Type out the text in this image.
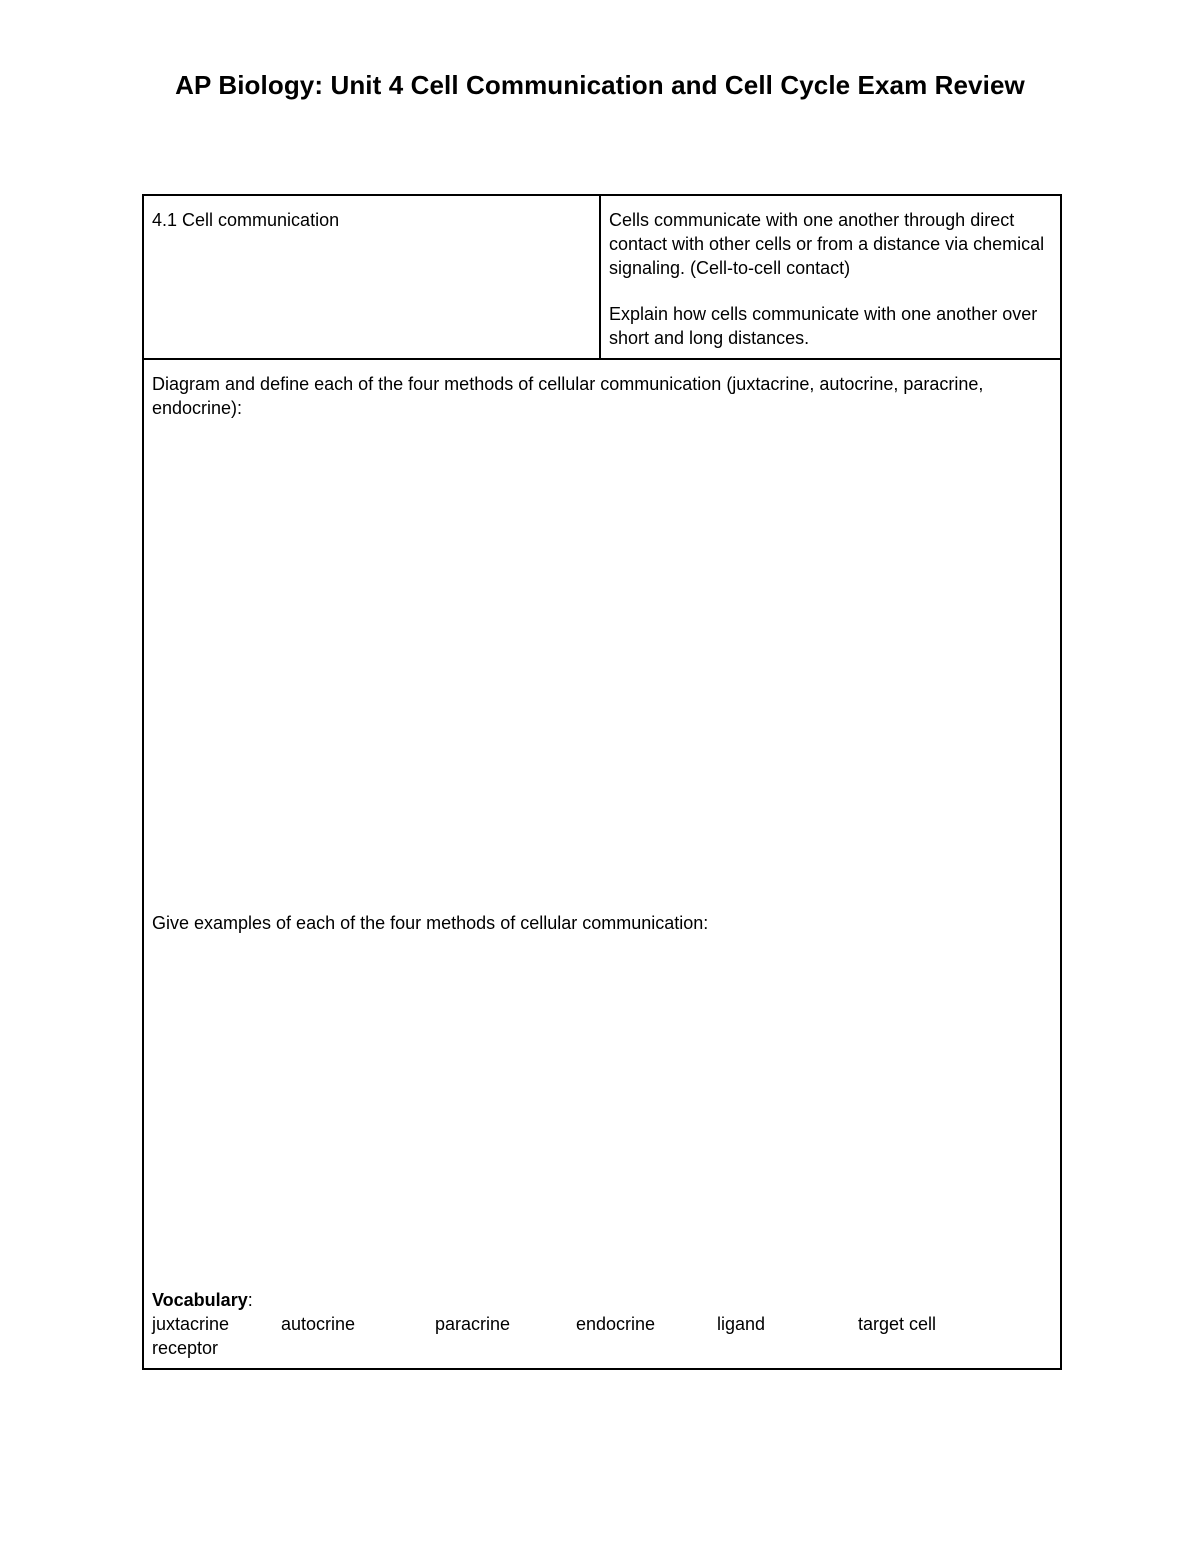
AP Biology: Unit 4 Cell Communication and Cell Cycle Exam Review
4.1 Cell communication	Cells communicate with one another through direct contact with other cells or from a distance via chemical signaling. (Cell-to-cell contact)

Explain how cells communicate with one another over short and long distances.

Diagram and define each of the four methods of cellular communication (juxtacrine, autocrine, paracrine, endocrine):

Give examples of each of the four methods of cellular communication:

Vocabulary:
juxtacrine	autocrine	paracrine	endocrine	ligand	target cell
receptor
